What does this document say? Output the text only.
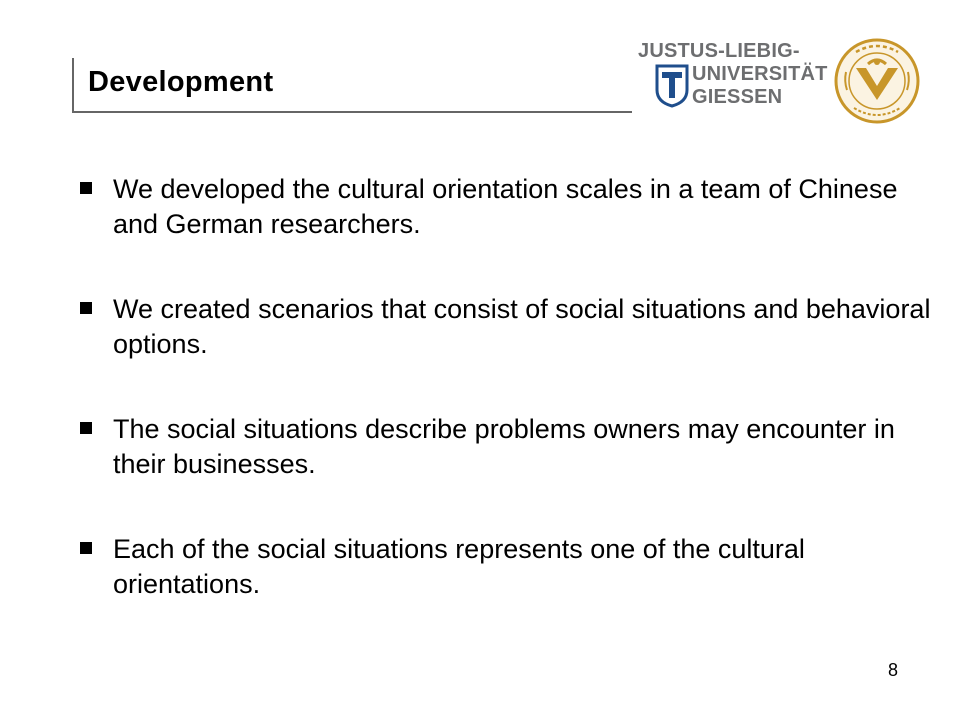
Development
JUSTUS-LIEBIG-
UNIVERSITÄT
GIESSEN
We developed the cultural orientation scales in a team of Chinese and German researchers.
We created scenarios that consist of social situations and behavioral options.
The social situations describe problems owners may encounter in their businesses.
Each of the social situations represents one of the cultural orientations.
8
